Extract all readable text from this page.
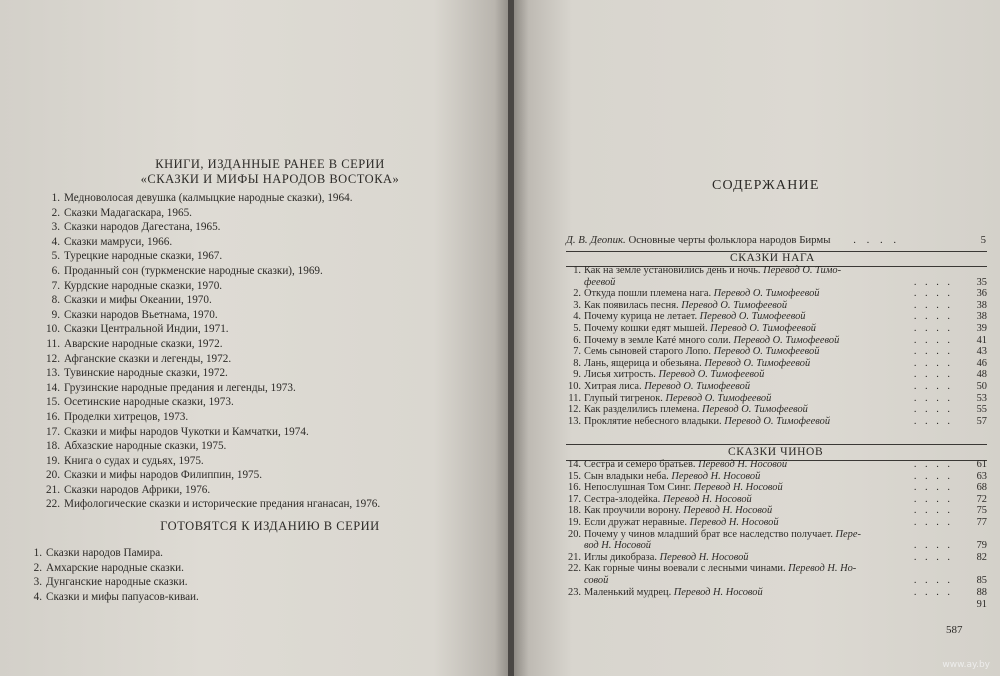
КНИГИ, ИЗДАННЫЕ РАНЕЕ В СЕРИИ
«СКАЗКИ И МИФЫ НАРОДОВ ВОСТОКА»
1. Медноволосая девушка (калмыцкие народные сказки), 1964.
2. Сказки Мадагаскара, 1965.
3. Сказки народов Дагестана, 1965.
4. Сказки мамруси, 1966.
5. Турецкие народные сказки, 1967.
6. Проданный сон (туркменские народные сказки), 1969.
7. Курдские народные сказки, 1970.
8. Сказки и мифы Океании, 1970.
9. Сказки народов Вьетнама, 1970.
10. Сказки Центральной Индии, 1971.
11. Аварские народные сказки, 1972.
12. Афганские сказки и легенды, 1972.
13. Тувинские народные сказки, 1972.
14. Грузинские народные предания и легенды, 1973.
15. Осетинские народные сказки, 1973.
16. Проделки хитрецов, 1973.
17. Сказки и мифы народов Чукотки и Камчатки, 1974.
18. Абхазские народные сказки, 1975.
19. Книга о судах и судьях, 1975.
20. Сказки и мифы народов Филиппин, 1975.
21. Сказки народов Африки, 1976.
22. Мифологические сказки и исторические предания нганасан, 1976.
ГОТОВЯТСЯ К ИЗДАНИЮ В СЕРИИ
1. Сказки народов Памира.
2. Амхарские народные сказки.
3. Дунганские народные сказки.
4. Сказки и мифы папуасов-киваи.
СОДЕРЖАНИЕ
Д. В. Деопик. Основные черты фольклора народов Бирмы . . . .	5
СКАЗКИ НАГА
1. Как на земле установились день и ночь. Перевод О. Тимо-
феевой	. . . .	35
2. Откуда пошли племена нага. Перевод О. Тимофеевой	. . . .	36
3. Как появилась песня. Перевод О. Тимофеевой	. . . .	38
4. Почему курица не летает. Перевод О. Тимофеевой	. . . .	38
5. Почему кошки едят мышей. Перевод О. Тимофеевой	. . . .	39
6. Почему в земле Катé много соли. Перевод О. Тимофеевой	. . . .	41
7. Семь сыновей старого Лопо. Перевод О. Тимофеевой	. . . .	43
8. Лань, ящерица и обезьяна. Перевод О. Тимофеевой	. . . .	46
9. Лисья хитрость. Перевод О. Тимофеевой	. . . .	48
10. Хитрая лиса. Перевод О. Тимофеевой	. . . .	50
11. Глупый тигренок. Перевод О. Тимофеевой	. . . .	53
12. Как разделились племена. Перевод О. Тимофеевой	. . . .	55
13. Проклятие небесного владыки. Перевод О. Тимофеевой	. . . .	57
СКАЗКИ ЧИНОВ
14. Сестра и семеро братьев. Перевод Н. Носовой	. . . .	61
15. Сын владыки неба. Перевод Н. Носовой	. . . .	63
16. Непослушная Том Синг. Перевод Н. Носовой	. . . .	68
17. Сестра-злодейка. Перевод Н. Носовой	. . . .	72
18. Как проучили ворону. Перевод Н. Носовой	. . . .	75
19. Если дружат неравные. Перевод Н. Носовой	. . . .	77
20. Почему у чинов младший брат все наследство получает. Пере-
вод Н. Носовой	. . . .	79
21. Иглы дикобраза. Перевод Н. Носовой	. . . .	82
22. Как горные чины воевали с лесными чинами. Перевод Н. Но-
совой	. . . .	85
23. Маленький мудрец. Перевод Н. Носовой	. . . .	88
91
587
www.ay.by
